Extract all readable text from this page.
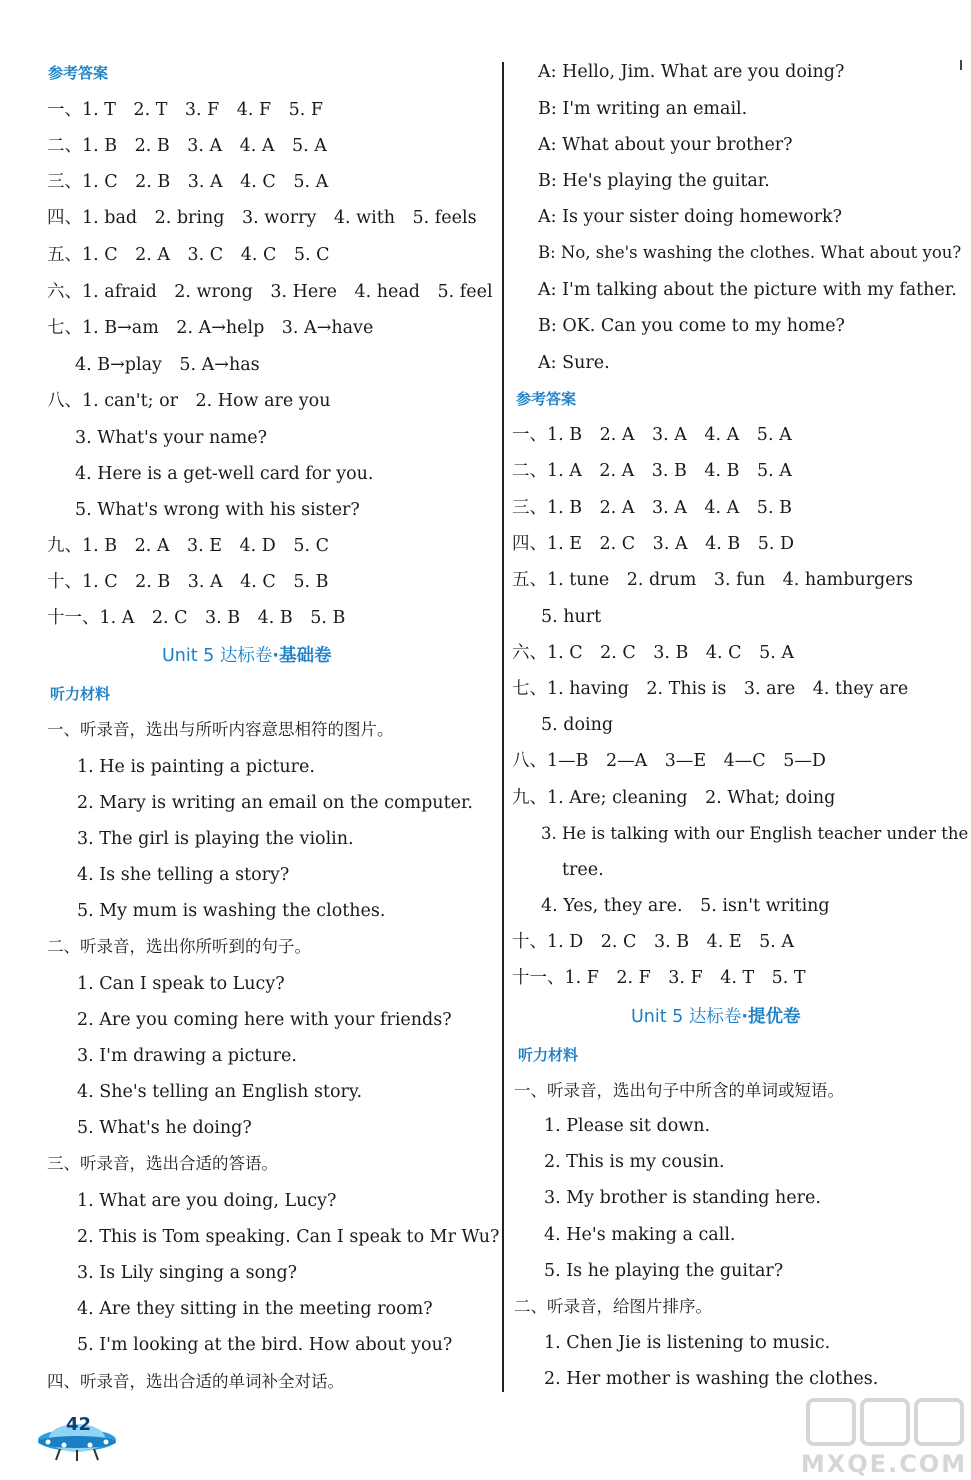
参考答案
一、1. T　2. T　3. F　4. F　5. F
二、1. B　2. B　3. A　4. A　5. A
三、1. C　2. B　3. A　4. C　5. A
四、1. bad　2. bring　3. worry　4. with　5. feels
五、1. C　2. A　3. C　4. C　5. C
六、1. afraid　2. wrong　3. Here　4. head　5. feel
七、1. B→am　2. A→help　3. A→have
4. B→play　5. A→has
八、1. can't; or　2. How are you
3. What's your name?
4. Here is a get-well card for you.
5. What's wrong with his sister?
九、1. B　2. A　3. E　4. D　5. C
十、1. C　2. B　3. A　4. C　5. B
十一、1. A　2. C　3. B　4. B　5. B
Unit 5 达标卷·基础卷
听力材料
一、听录音，选出与所听内容意思相符的图片。
1. He is painting a picture.
2. Mary is writing an email on the computer.
3. The girl is playing the violin.
4. Is she telling a story?
5. My mum is washing the clothes.
二、听录音，选出你所听到的句子。
1. Can I speak to Lucy?
2. Are you coming here with your friends?
3. I'm drawing a picture.
4. She's telling an English story.
5. What's he doing?
三、听录音，选出合适的答语。
1. What are you doing, Lucy?
2. This is Tom speaking. Can I speak to Mr Wu?
3. Is Lily singing a song?
4. Are they sitting in the meeting room?
5. I'm looking at the bird. How about you?
四、听录音，选出合适的单词补全对话。
A: Hello, Jim. What are you doing?
B: I'm writing an email.
A: What about your brother?
B: He's playing the guitar.
A: Is your sister doing homework?
B: No, she's washing the clothes. What about you?
A: I'm talking about the picture with my father.
B: OK. Can you come to my home?
A: Sure.
参考答案
一、1. B　2. A　3. A　4. A　5. A
二、1. A　2. A　3. B　4. B　5. A
三、1. B　2. A　3. A　4. A　5. B
四、1. E　2. C　3. A　4. B　5. D
五、1. tune　2. drum　3. fun　4. hamburgers
5. hurt
六、1. C　2. C　3. B　4. C　5. A
七、1. having　2. This is　3. are　4. they are
5. doing
八、1—B　2—A　3—E　4—C　5—D
九、1. Are; cleaning　2. What; doing
3. He is talking with our English teacher under the
tree.
4. Yes, they are.　5. isn't writing
十、1. D　2. C　3. B　4. E　5. A
十一、1. F　2. F　3. F　4. T　5. T
Unit 5 达标卷·提优卷
听力材料
一、听录音，选出句子中所含的单词或短语。
1. Please sit down.
2. This is my cousin.
3. My brother is standing here.
4. He's making a call.
5. Is he playing the guitar?
二、听录音，给图片排序。
1. Chen Jie is listening to music.
2. Her mother is washing the clothes.
42
MXQE.COM
